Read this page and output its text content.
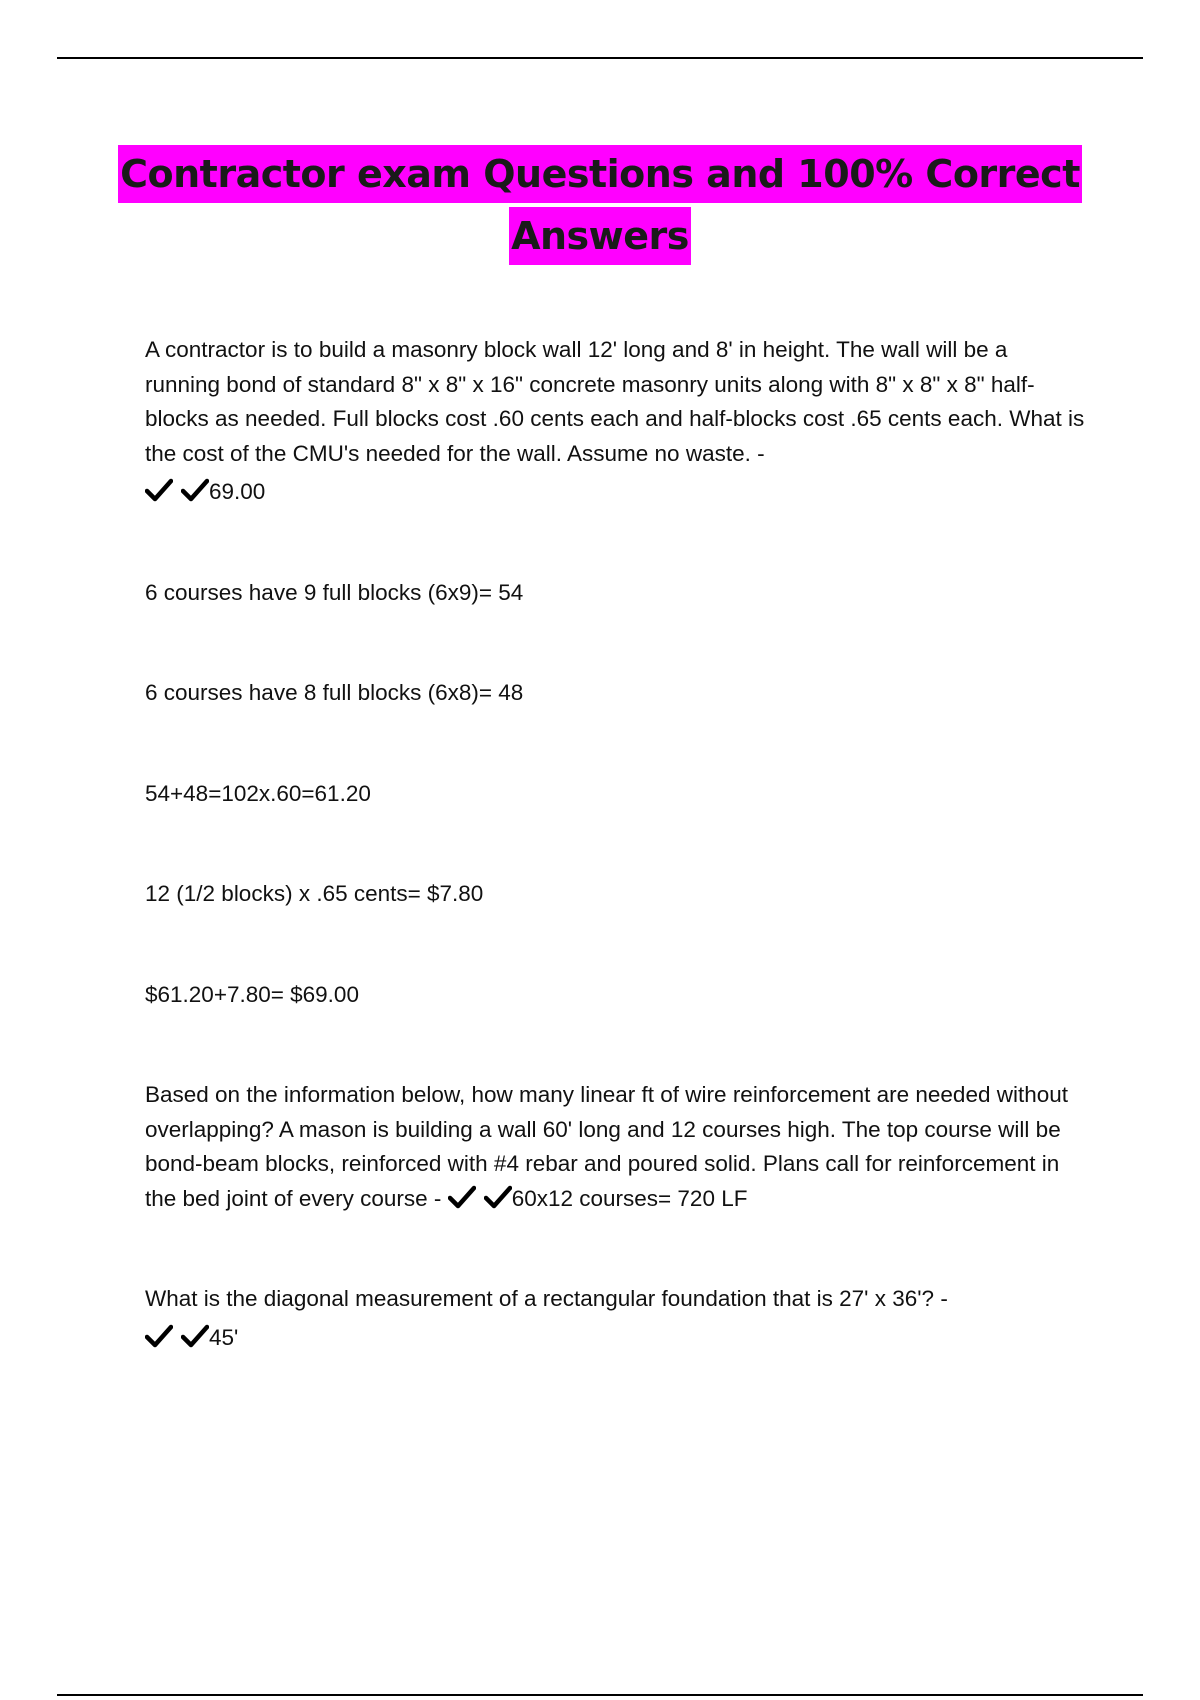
Contractor exam Questions and 100% Correct
Answers

A contractor is to build a masonry block wall 12' long and 8' in height. The wall will be a running bond of standard 8" x 8" x 16" concrete masonry units along with 8" x 8" x 8" half-blocks as needed. Full blocks cost .60 cents each and half-blocks cost .65 cents each. What is the cost of the CMU's needed for the wall. Assume no waste. -
69.00

6 courses have 9 full blocks (6x9)= 54

6 courses have 8 full blocks (6x8)= 48

54+48=102x.60=61.20

12 (1/2 blocks) x .65 cents= $7.80

$61.20+7.80= $69.00

Based on the information below, how many linear ft of wire reinforcement are needed without overlapping? A mason is building a wall 60' long and 12 courses high. The top course will be bond-beam blocks, reinforced with #4 rebar and poured solid. Plans call for reinforcement in the bed joint of every course -	60x12 courses= 720 LF

What is the diagonal measurement of a rectangular foundation that is 27' x 36'? -
45'
